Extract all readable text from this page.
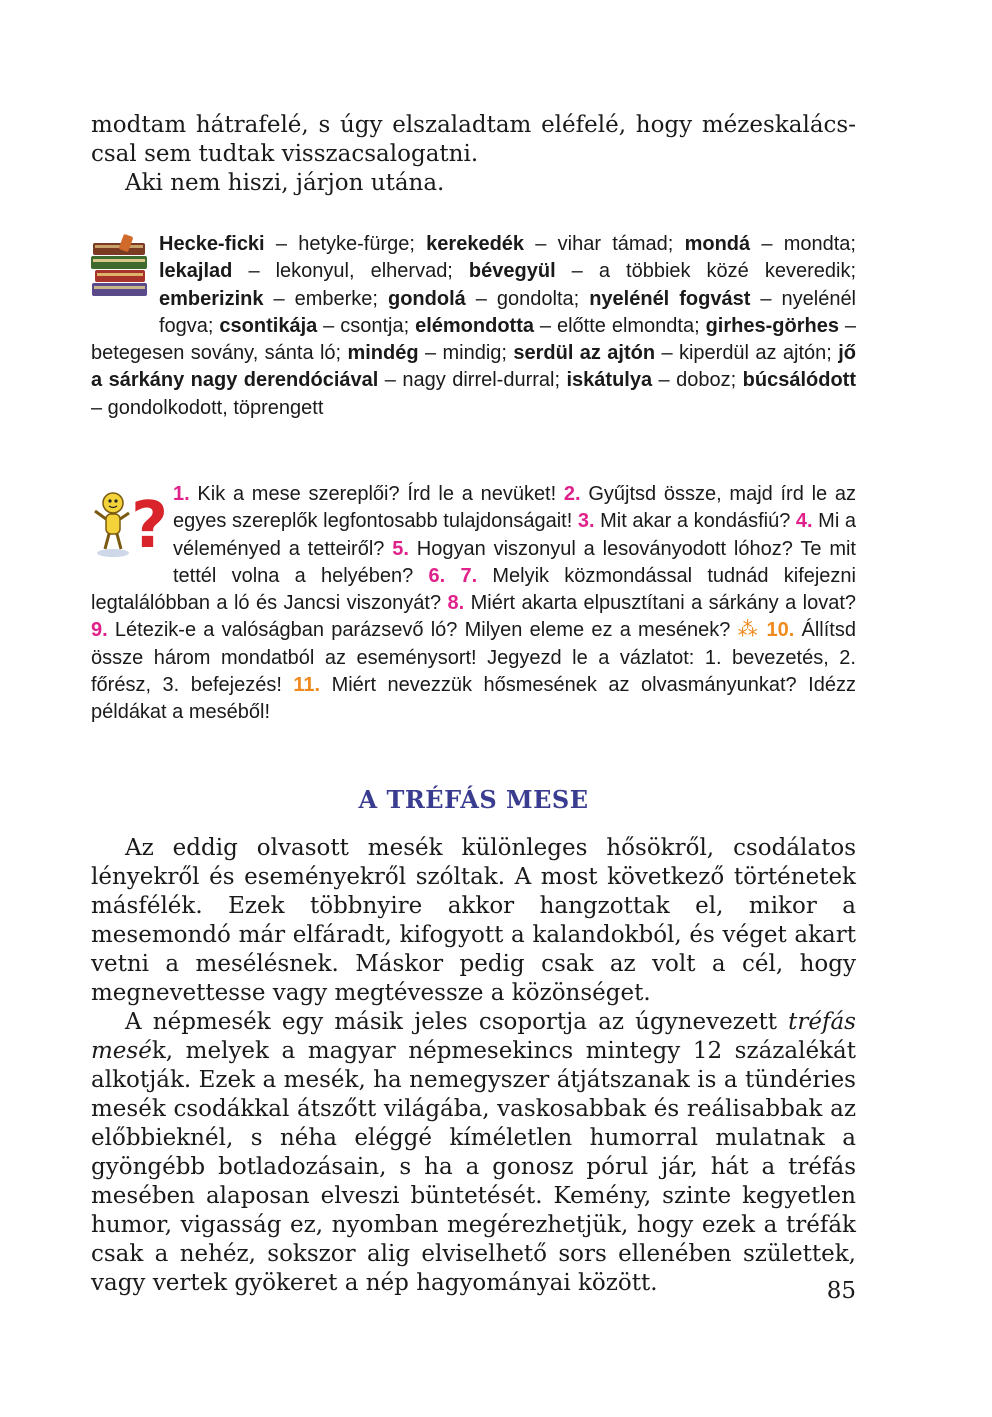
modtam hátrafelé, s úgy elszaladtam eléfelé, hogy mézeskalács-csal sem tudtak visszacsalogatni.

Aki nem hiszi, járjon utána.

Hecke-ficki – hetyke-fürge; kerekedék – vihar támad; mondá – mondta; lekajlad – lekonyul, elhervad; bévegyül – a többiek közé keveredik; emberizink – emberke; gondolá – gondolta; nyelénél fogvást – nyelénél fogva; csontikája – csontja; elémondotta – előtte elmondta; girhes-görhes – betegesen sovány, sánta ló; mindég – mindig; serdül az ajtón – kiperdül az ajtón; jő a sárkány nagy derendóciával – nagy dirrel-durral; iskátulya – doboz; búcsálódott – gondolkodott, töprengett
? 1. Kik a mese szereplői? Írd le a nevüket! 2. Gyűjtsd össze, majd írd le az egyes szereplők legfontosabb tulajdonságait! 3. Mit akar a kondásfiú? 4. Mi a véleményed a tetteiről? 5. Hogyan viszonyul a lesoványodott lóhoz? Te mit tettél volna a helyében? 6. 7. Melyik közmondással tudnád kifejezni legtalálóbban a ló és Jancsi viszonyát? 8. Miért akarta elpusztítani a sárkány a lovat? 9. Létezik-e a valóságban parázsevő ló? Milyen eleme ez a mesének? ⁂ 10. Állítsd össze három mondatból az eseménysort! Jegyezd le a vázlatot: 1. bevezetés, 2. főrész, 3. befejezés! 11. Miért nevezzük hősmesének az olvasmányunkat? Idézz példákat a meséből!
A TRÉFÁS MESE

Az eddig olvasott mesék különleges hősökről, csodálatos lényekről és eseményekről szóltak. A most következő történetek másfélék. Ezek többnyire akkor hangzottak el, mikor a mesemondó már elfáradt, kifogyott a kalandokból, és véget akart vetni a mesélésnek. Máskor pedig csak az volt a cél, hogy megnevettesse vagy megtévessze a közönséget.

A népmesék egy másik jeles csoportja az úgynevezett tréfás mesék, melyek a magyar népmesekincs mintegy 12 százalékát alkotják. Ezek a mesék, ha nemegyszer átjátszanak is a tündéries mesék csodákkal átszőtt világába, vaskosabbak és reálisabbak az előbbieknél, s néha eléggé kíméletlen humorral mulatnak a gyöngébb botladozásain, s ha a gonosz pórul jár, hát a tréfás mesében alaposan elveszi büntetését. Kemény, szinte kegyetlen humor, vigasság ez, nyomban megérezhetjük, hogy ezek a tréfák csak a nehéz, sokszor alig elviselhető sors ellenében születtek, vagy vertek gyökeret a nép hagyományai között.	85
